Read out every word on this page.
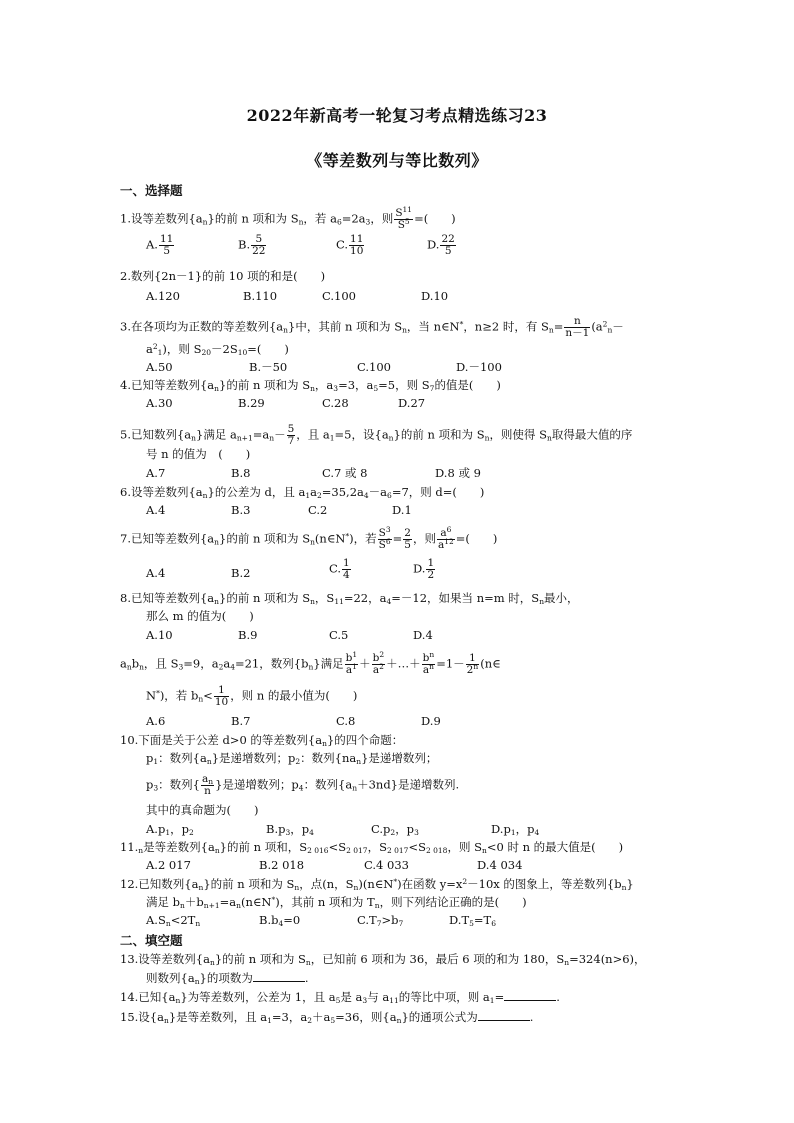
2022年新高考一轮复习考点精选练习23
《等差数列与等比数列》
一、选择题
1.设等差数列$\{a_n\}$的前 n 项和为 $S_n$，若 $a_6=2a_3$，则 $\frac{S^{11}}{S^5}$ =(　　)
A. $\frac{11}{5}$	B. $\frac{5}{22}$	C. $\frac{11}{10}$	D. $\frac{22}{5}$
2.数列{2n－1}的前 10 项的和是(　　)
A.120	B.110	C.100	D.10
3.在各项均为正数的等差数列$\{a_n\}$中，其前 n 项和为 $S_n$，当 n∈N*，n≥2 时，有 $S_n= \frac{n}{n-1} (a^2_n-$
$a^2_1$)，则 $S_{20}-2S_{10}=$(　　)
A.50	B.－50	C.100	D.－100
4.已知等差数列$\{a_n\}$的前 n 项和为 $S_n$，$a_3=3$，$a_5=5$，则 $S_7$的值是(　　)
A.30	B.29	C.28	D.27
5.已知数列$\{a_n\}$满足 $a_{n+1}=a_n- \frac{5}{7}$ ，且 $a_1=5$，设$\{a_n\}$的前 n 项和为 $S_n$，则使得 $S_n$取得最大值的序
号 n 的值为　(　　)
A.7	B.8	C.7 或 8	D.8 或 9
6.设等差数列$\{a_n\}$的公差为 d，且 $a_1a_2=35,2a_4-a_6=7$，则 d=(　　)
A.4	B.3	C.2	D.1
7.已知等差数列$\{a_n\}$的前 n 项和为 $S_n(n\in N^*)$，若 $\frac{S^3}{S^6} = \frac{2}{5}$ ，则 $\frac{a^6}{a^{12}}$ =(　　)
A.4	B.2	C. $\frac{1}{4}$	D. $\frac{1}{2}$
8.已知等差数列$\{a_n\}$的前 n 项和为 $S_n$，$S_{11}=22$，$a_4=-12$，如果当 n=m 时，$S_n$最小，
那么 m 的值为(　　)
A.10	B.9	C.5	D.4
$a_nb_n$，且 $S_3=9$，$a_2a_4=21$，数列$\{b_n\}$满足 $\frac{b^1}{a^1} + \frac{b^2}{a^2}$ ＋…＋ $\frac{b^n}{a^n} =1- \frac{1}{2^n}$ (n∈
N*)，若 $b_n< \frac{1}{10}$ ，则 n 的最小值为(　　)
A.6	B.7	C.8	D.9
10.下面是关于公差 d>0 的等差数列$\{a_n\}$的四个命题：
$p_1$：数列$\{a_n\}$是递增数列；$p_2$：数列$\{na_n\}$是递增数列；
$p_3$：数列{ $\frac{a_n}{n}$ }是递增数列；$p_4$：数列$\{a_n+3nd\}$是递增数列.
其中的真命题为(　　)
$A.p_1$，$p_2$	$B.p_3$，$p_4$	$C.p_2$，$p_3$	$D.p_1$，$p_4$
$11._n$是等差数列$\{a_n\}$的前 n 项和，$S_{2 016}<S_{2 017}$，$S_{2 017}<S_{2 018}$，则 $S_n<0$ 时 n 的最大值是(　　)
A.2 017	B.2 018	C.4 033	D.4 034
12.已知数列$\{a_n\}$的前 n 项和为 $S_n$，点(n，$S_n)(n\in N^*)$在函数 $y=x^2-10x$ 的图象上，等差数列$\{b_n\}$
满足 $b_n+b_{n+1}=a_n(n\in N^*)$，其前 n 项和为 $T_n$，则下列结论正确的是(　　)
$A.S_n<2T_n$	$B.b_4=0$	$C.T_7>b_7$	$D.T_5=T_6$
二、填空题
13.设等差数列$\{a_n\}$的前 n 项和为 $S_n$，已知前 6 项和为 36，最后 6 项的和为 180，$S_n=324(n>6)$，
则数列$\{a_n\}$的项数为	.
14.已知$\{a_n\}$为等差数列，公差为 1，且 $a_5$是 $a_3$与 $a_{11}$的等比中项，则 $a_1=$	.
15.设$\{a_n\}$是等差数列，且 $a_1=3$，$a_2+a_5=36$，则$\{a_n\}$的通项公式为	.
